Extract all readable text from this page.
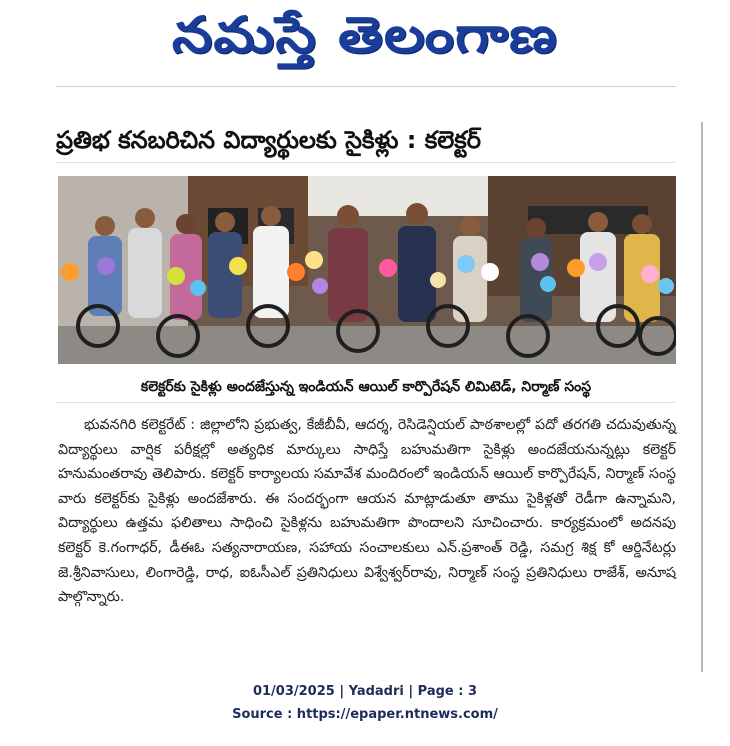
నమస్తే తెలంగాణ
ప్రతిభ కనబరిచిన విద్యార్థులకు సైకిళ్లు : కలెక్టర్
కలెక్టర్‌కు సైకిళ్లు అందజేస్తున్న ఇండియన్ ఆయిల్ కార్పొరేషన్ లిమిటెడ్, నిర్మాణ్ సంస్థ
భువనగిరి కలెక్టరేట్ : జిల్లాలోని ప్రభుత్వ, కేజీబీవీ, ఆదర్శ, రెసిడెన్షియల్ పాఠశాలల్లో పదో తరగతి చదువుతున్న విద్యార్థులు వార్షిక పరీక్షల్లో అత్యధిక మార్కులు సాధిస్తే బహుమతిగా సైకిళ్లు అందజేయనున్నట్లు కలెక్టర్ హనుమంతరావు తెలిపారు. కలెక్టర్ కార్యాలయ సమావేశ మందిరంలో ఇండియన్ ఆయిల్ కార్పొరేషన్, నిర్మాణ్ సంస్థ వారు కలెక్టర్‌కు సైకిళ్లు అందజేశారు. ఈ సందర్భంగా ఆయన మాట్లాడుతూ తాము సైకిళ్లతో రెడీగా ఉన్నామని, విద్యార్థులు ఉత్తమ ఫలితాలు సాధించి సైకిళ్లను బహుమతిగా పొందాలని సూచించారు. కార్యక్రమంలో అదనపు కలెక్టర్ కె.గంగాధర్, డీఈఓ సత్యనారాయణ, సహాయ సంచాలకులు ఎన్.ప్రశాంత్ రెడ్డి, సమగ్ర శిక్ష కో ఆర్డినేటర్లు జె.శ్రీనివాసులు, లింగారెడ్డి, రాధ, ఐఓసీఎల్ ప్రతినిధులు విశ్వేశ్వర్‌రావు, నిర్మాణ్ సంస్థ ప్రతినిధులు రాజేశ్, అనూష పాల్గొన్నారు.
01/03/2025 | Yadadri | Page : 3
Source : https://epaper.ntnews.com/
